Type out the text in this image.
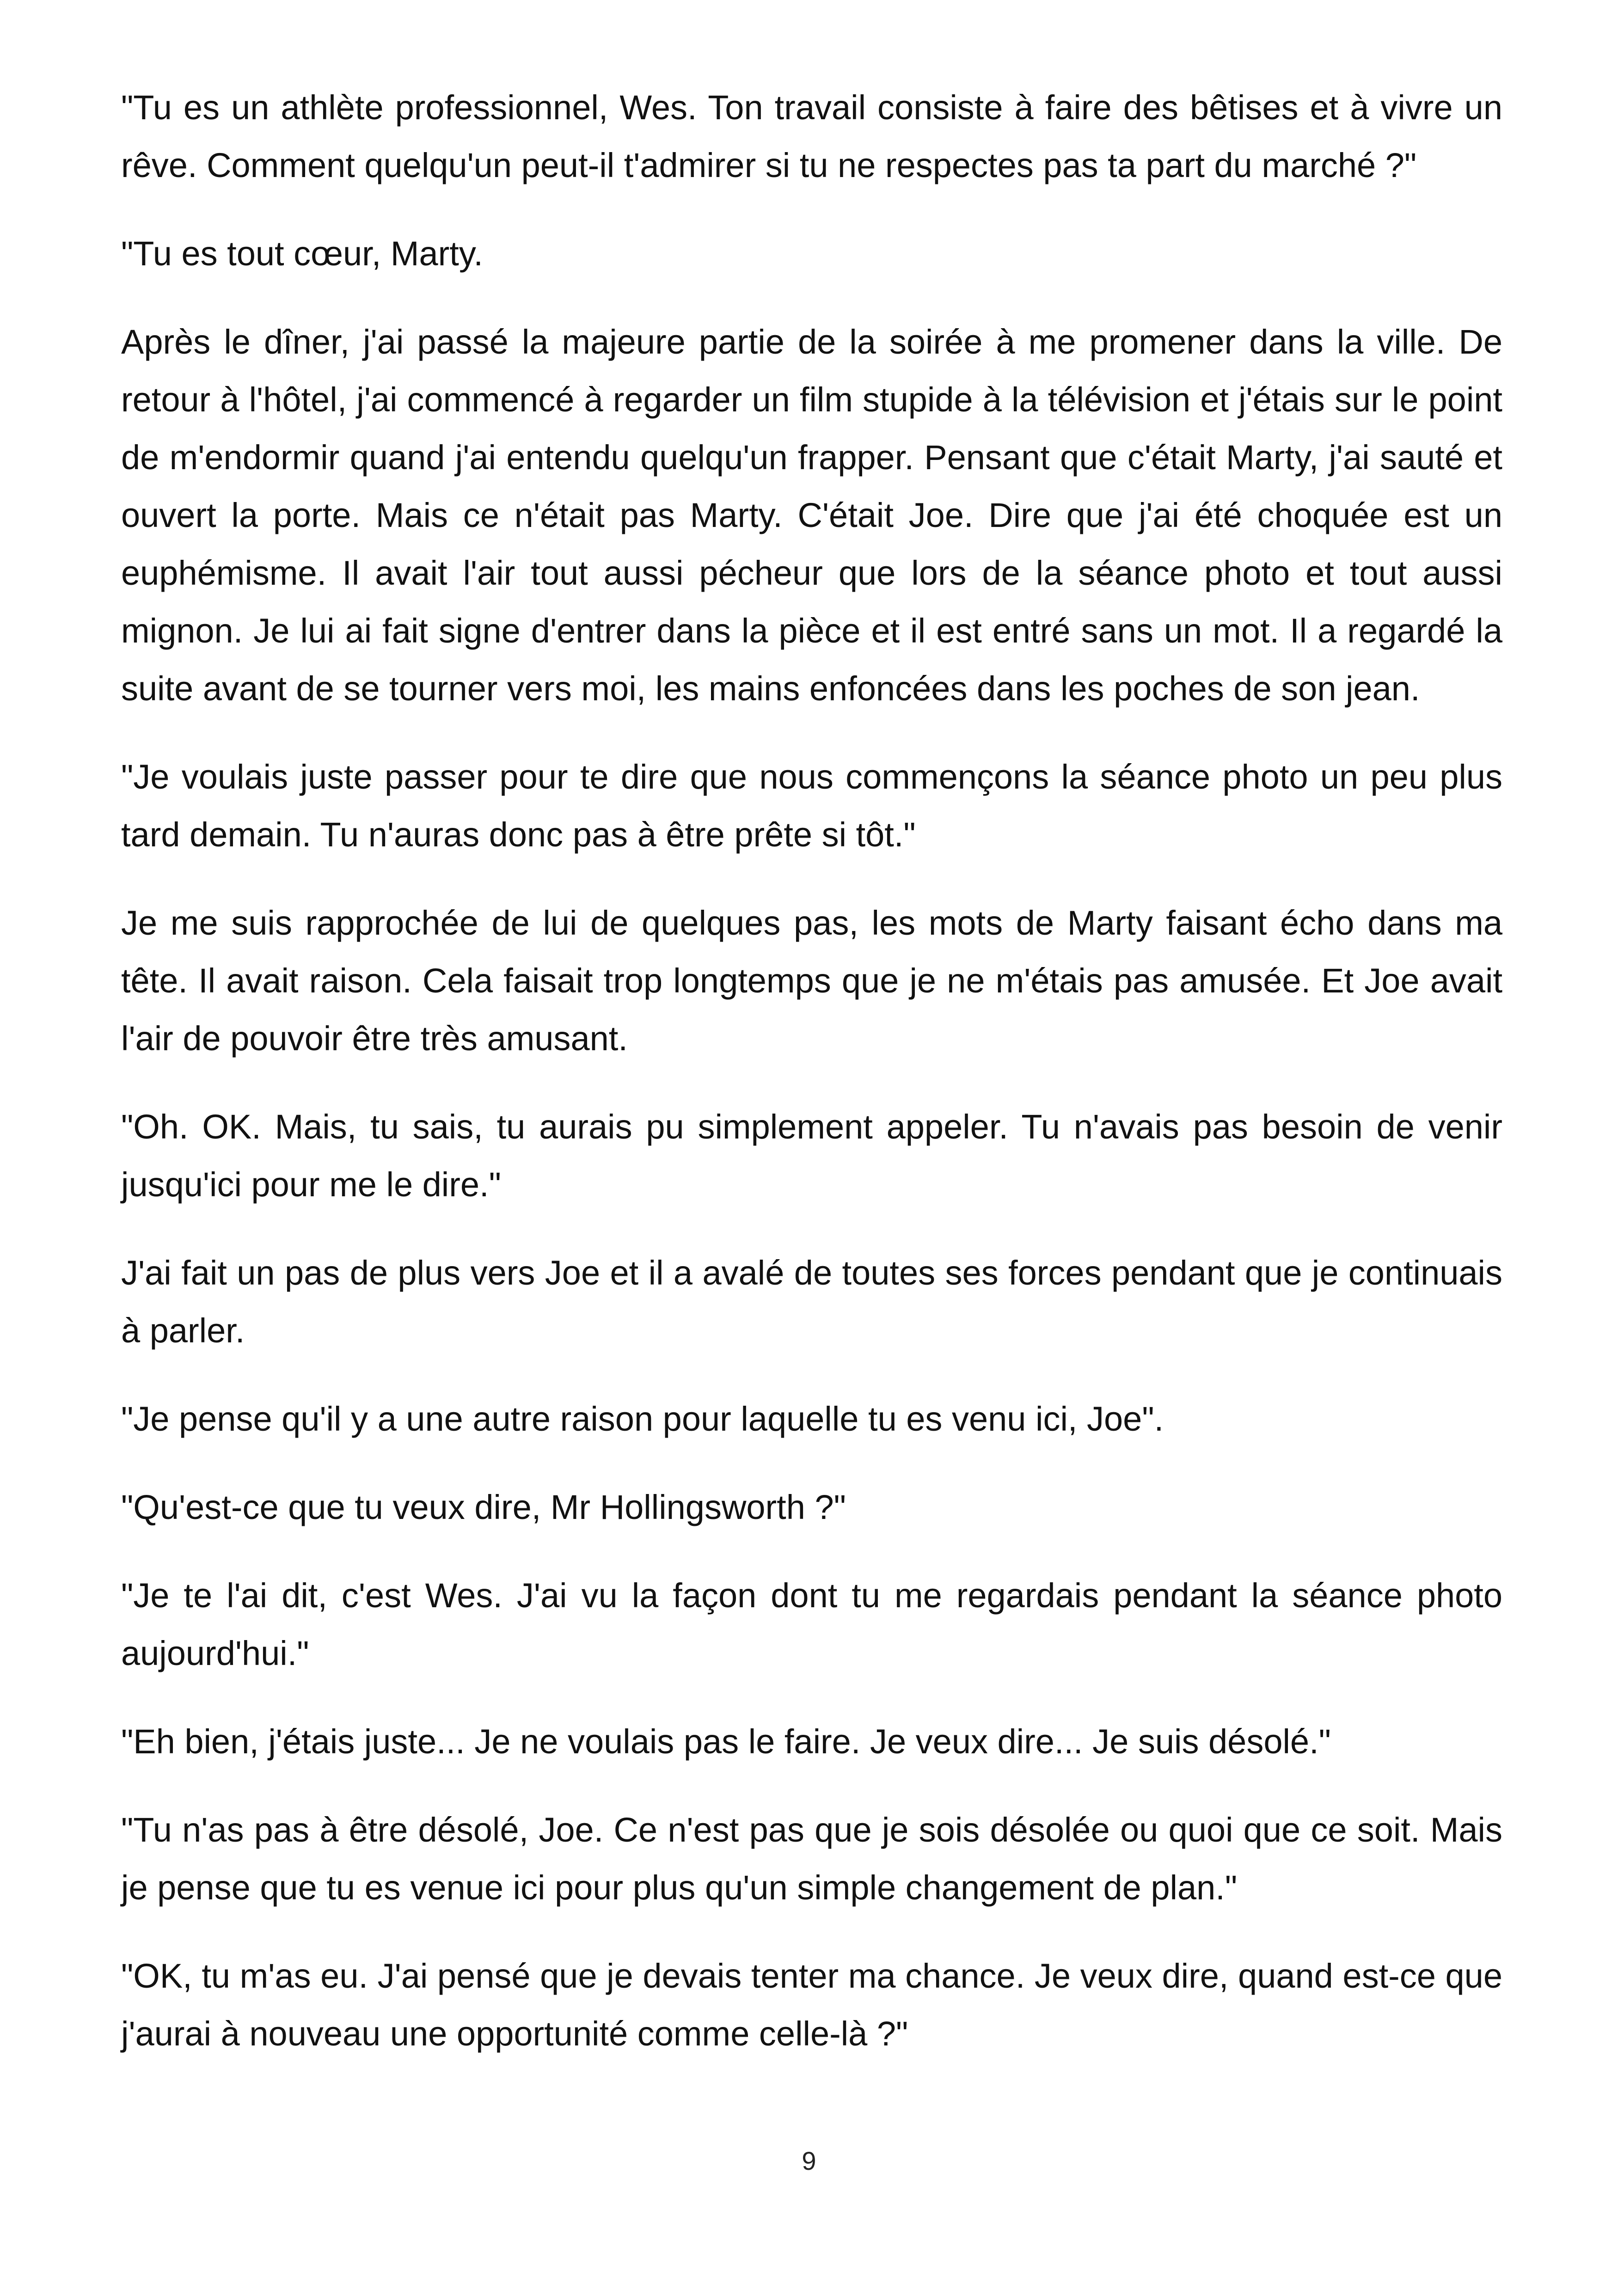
"Tu es un athlète professionnel, Wes. Ton travail consiste à faire des bêtises et à vivre un rêve. Comment quelqu'un peut-il t'admirer si tu ne respectes pas ta part du marché ?"

"Tu es tout cœur, Marty.

Après le dîner, j'ai passé la majeure partie de la soirée à me promener dans la ville. De retour à l'hôtel, j'ai commencé à regarder un film stupide à la télévision et j'étais sur le point de m'endormir quand j'ai entendu quelqu'un frapper. Pensant que c'était Marty, j'ai sauté et ouvert la porte. Mais ce n'était pas Marty. C'était Joe. Dire que j'ai été choquée est un euphémisme. Il avait l'air tout aussi pécheur que lors de la séance photo et tout aussi mignon. Je lui ai fait signe d'entrer dans la pièce et il est entré sans un mot. Il a regardé la suite avant de se tourner vers moi, les mains enfoncées dans les poches de son jean.

"Je voulais juste passer pour te dire que nous commençons la séance photo un peu plus tard demain. Tu n'auras donc pas à être prête si tôt."

Je me suis rapprochée de lui de quelques pas, les mots de Marty faisant écho dans ma tête. Il avait raison. Cela faisait trop longtemps que je ne m'étais pas amusée. Et Joe avait l'air de pouvoir être très amusant.

"Oh. OK. Mais, tu sais, tu aurais pu simplement appeler. Tu n'avais pas besoin de venir jusqu'ici pour me le dire."

J'ai fait un pas de plus vers Joe et il a avalé de toutes ses forces pendant que je continuais à parler.

"Je pense qu'il y a une autre raison pour laquelle tu es venu ici, Joe".

"Qu'est-ce que tu veux dire, Mr Hollingsworth ?"

"Je te l'ai dit, c'est Wes. J'ai vu la façon dont tu me regardais pendant la séance photo aujourd'hui."

"Eh bien, j'étais juste... Je ne voulais pas le faire. Je veux dire... Je suis désolé."

"Tu n'as pas à être désolé, Joe. Ce n'est pas que je sois désolée ou quoi que ce soit. Mais je pense que tu es venue ici pour plus qu'un simple changement de plan."

"OK, tu m'as eu. J'ai pensé que je devais tenter ma chance. Je veux dire, quand est-ce que j'aurai à nouveau une opportunité comme celle-là ?"

9
